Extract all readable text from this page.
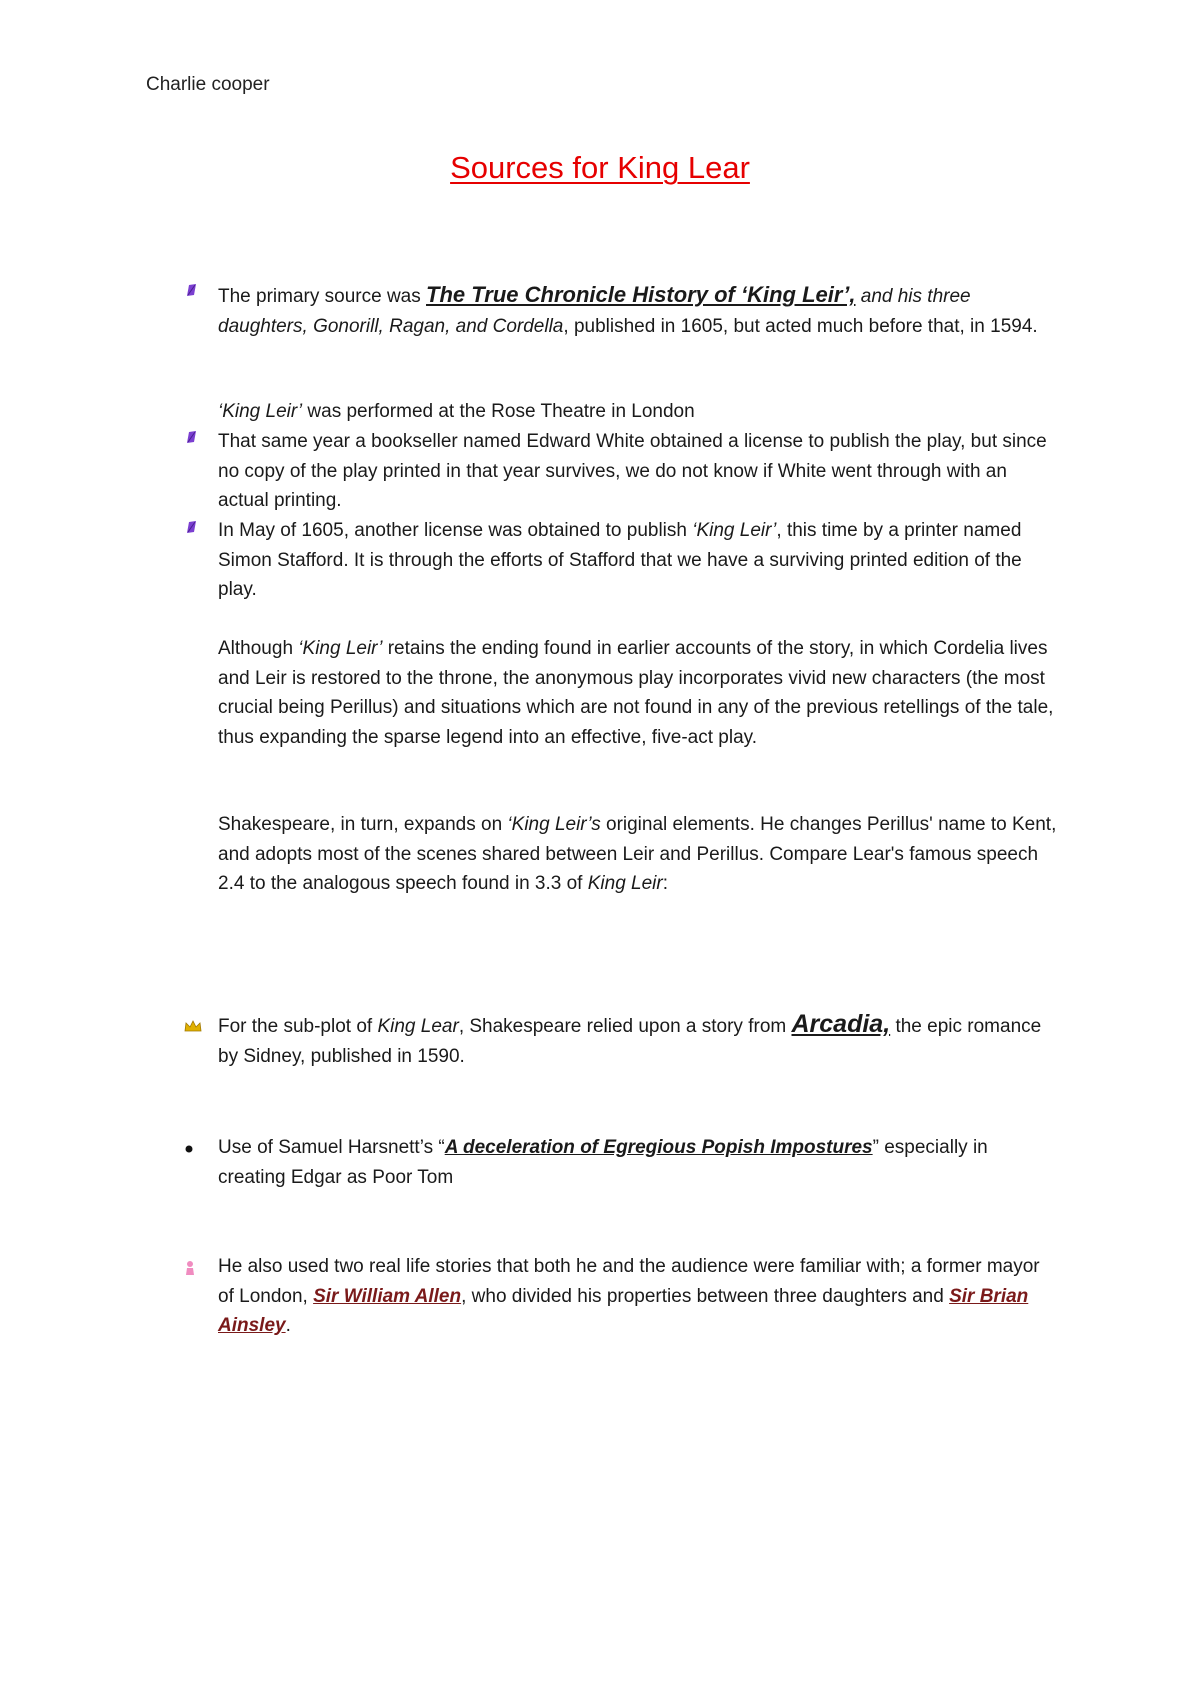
Charlie cooper
Sources for King Lear
The primary source was The True Chronicle History of ‘King Leir’, and his three daughters, Gonorill, Ragan, and Cordella, published in 1605, but acted much before that, in 1594.
‘King Leir’ was performed at the Rose Theatre in London
That same year a bookseller named Edward White obtained a license to publish the play, but since no copy of the play printed in that year survives, we do not know if White went through with an actual printing.
In May of 1605, another license was obtained to publish ‘King Leir’, this time by a printer named Simon Stafford. It is through the efforts of Stafford that we have a surviving printed edition of the play.
Although ‘King Leir’ retains the ending found in earlier accounts of the story, in which Cordelia lives and Leir is restored to the throne, the anonymous play incorporates vivid new characters (the most crucial being Perillus) and situations which are not found in any of the previous retellings of the tale, thus expanding the sparse legend into an effective, five-act play.
Shakespeare, in turn, expands on ‘King Leir’s original elements. He changes Perillus' name to Kent, and adopts most of the scenes shared between Leir and Perillus. Compare Lear's famous speech 2.4 to the analogous speech found in 3.3 of King Leir:
For the sub-plot of King Lear, Shakespeare relied upon a story from Arcadia, the epic romance by Sidney, published in 1590.
Use of Samuel Harsnett’s “A deceleration of Egregious Popish Impostures” especially in creating Edgar as Poor Tom
He also used two real life stories that both he and the audience were familiar with; a former mayor of London, Sir William Allen, who divided his properties between three daughters and Sir Brian Ainsley.
